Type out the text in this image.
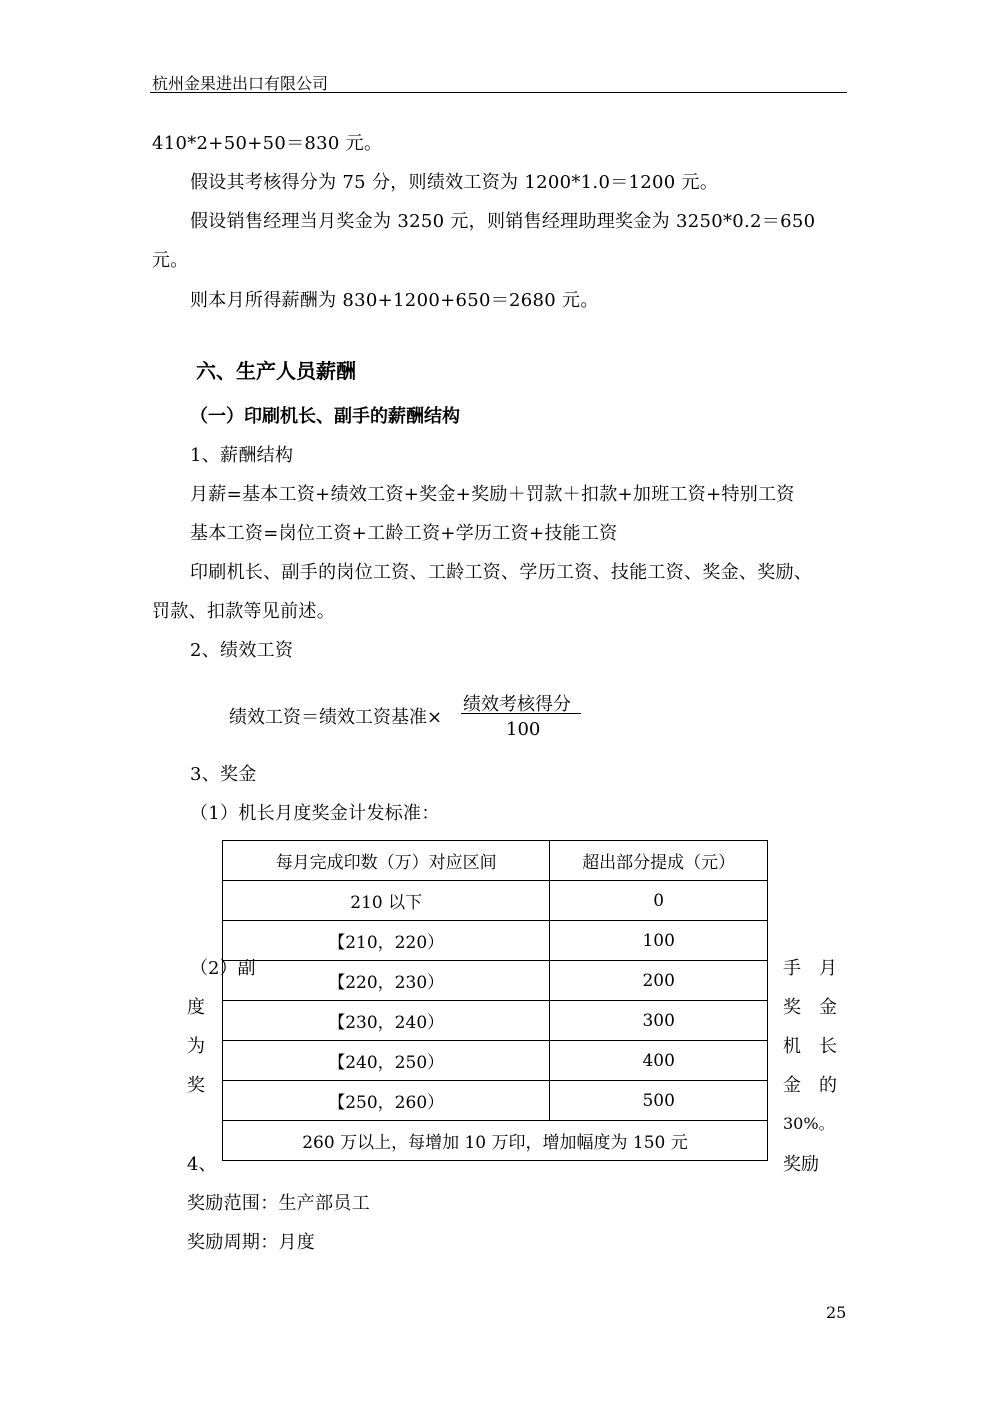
杭州金果进出口有限公司
410*2+50+50＝830 元。
假设其考核得分为 75 分，则绩效工资为 1200*1.0＝1200 元。
假设销售经理当月奖金为 3250 元，则销售经理助理奖金为 3250*0.2＝650
元。
则本月所得薪酬为 830+1200+650＝2680 元。
六、生产人员薪酬
（一）印刷机长、副手的薪酬结构
1、薪酬结构
月薪=基本工资+绩效工资+奖金+奖励＋罚款＋扣款+加班工资+特别工资
基本工资=岗位工资+工龄工资+学历工资+技能工资
印刷机长、副手的岗位工资、工龄工资、学历工资、技能工资、奖金、奖励、
罚款、扣款等见前述。
2、绩效工资
绩效工资＝绩效工资基准×
绩效考核得分
100
3、奖金
（1）机长月度奖金计发标准：
每月完成印数（万）对应区间	超出部分提成（元）
210 以下	0
【210，220）	100
【220，230）	200
【230，240）	300
【240，250）	400
【250，260）	500
260 万以上，每增加 10 万印，增加幅度为 150 元	
（2）副
度
为
奖
4、
手　月
奖　金
机　长
金　的
30%。
奖励
奖励范围：生产部员工
奖励周期：月度
25
